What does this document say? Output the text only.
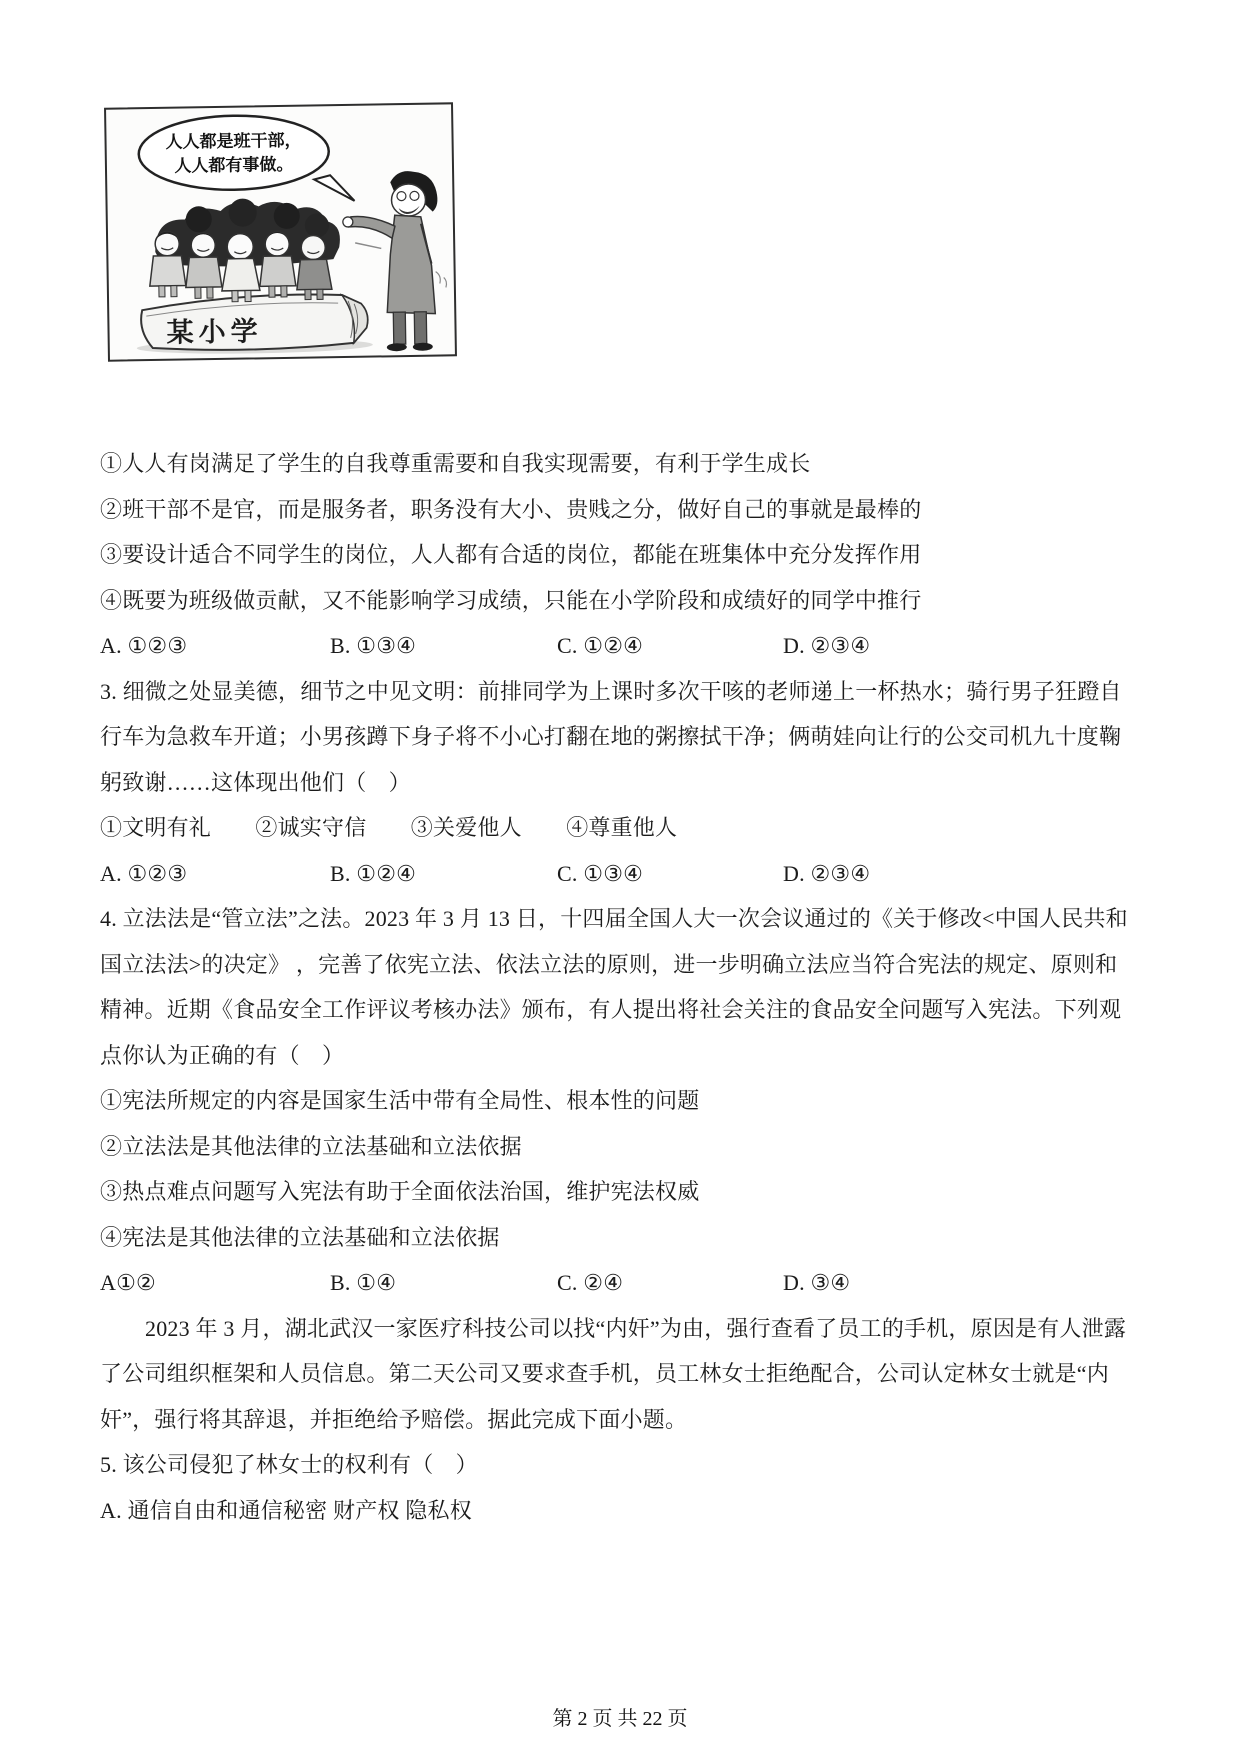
某小学
人人都是班干部，
人人都有事做。
①人人有岗满足了学生的自我尊重需要和自我实现需要，有利于学生成长
②班干部不是官，而是服务者，职务没有大小、贵贱之分，做好自己的事就是最棒的
③要设计适合不同学生的岗位，人人都有合适的岗位，都能在班集体中充分发挥作用
④既要为班级做贡献，又不能影响学习成绩，只能在小学阶段和成绩好的同学中推行
A. ①②③	B. ①③④	C. ①②④	D. ②③④
3. 细微之处显美德，细节之中见文明：前排同学为上课时多次干咳的老师递上一杯热水；骑行男子狂蹬自
行车为急救车开道；小男孩蹲下身子将不小心打翻在地的粥擦拭干净；俩萌娃向让行的公交司机九十度鞠
躬致谢……这体现出他们（　）
①文明有礼　　②诚实守信　　③关爱他人　　④尊重他人
A. ①②③	B. ①②④	C. ①③④	D. ②③④
4. 立法法是“管立法”之法。2023 年 3 月 13 日，十四届全国人大一次会议通过的《关于修改<中国人民共和
国立法法>的决定》 ，完善了依宪立法、依法立法的原则，进一步明确立法应当符合宪法的规定、原则和
精神。近期《食品安全工作评议考核办法》颁布，有人提出将社会关注的食品安全问题写入宪法。下列观
点你认为正确的有（　）
①宪法所规定的内容是国家生活中带有全局性、根本性的问题
②立法法是其他法律的立法基础和立法依据
③热点难点问题写入宪法有助于全面依法治国，维护宪法权威
④宪法是其他法律的立法基础和立法依据
A①②	B. ①④	C. ②④	D. ③④
2023 年 3 月，湖北武汉一家医疗科技公司以找“内奸”为由，强行查看了员工的手机，原因是有人泄露
了公司组织框架和人员信息。第二天公司又要求查手机，员工林女士拒绝配合，公司认定林女士就是“内
奸”，强行将其辞退，并拒绝给予赔偿。据此完成下面小题。
5. 该公司侵犯了林女士的权利有（　）
A. 通信自由和通信秘密 财产权 隐私权
第 2 页 共 22 页
